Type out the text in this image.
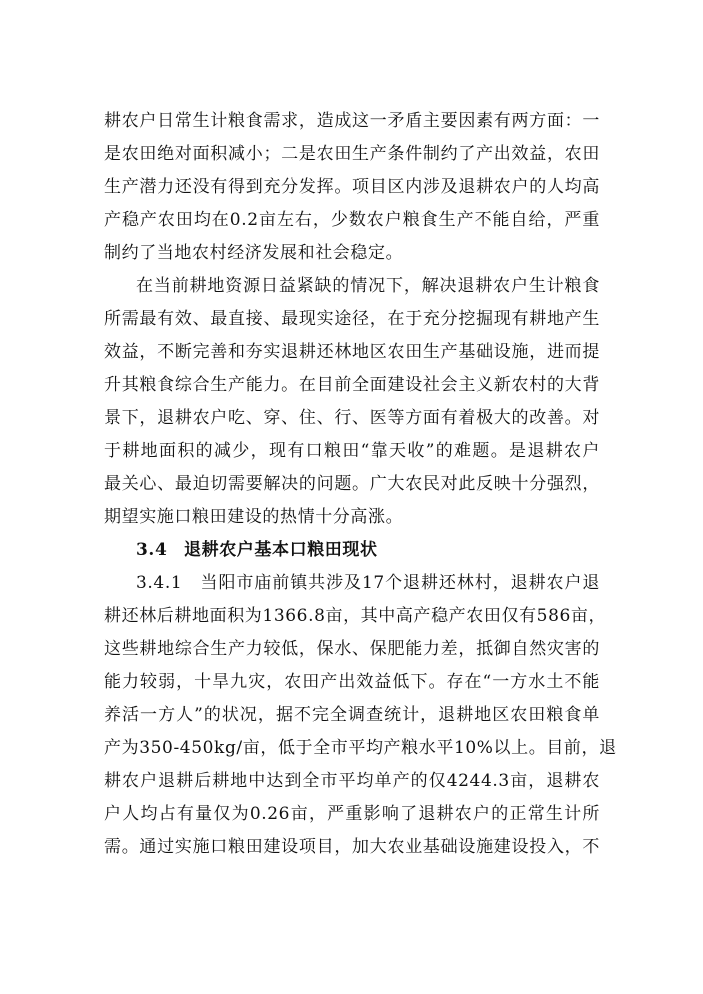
耕农户日常生计粮食需求，造成这一矛盾主要因素有两方面：一
是农田绝对面积减小；二是农田生产条件制约了产出效益，农田
生产潜力还没有得到充分发挥。项目区内涉及退耕农户的人均高
产稳产农田均在0.2亩左右，少数农户粮食生产不能自给，严重
制约了当地农村经济发展和社会稳定。
在当前耕地资源日益紧缺的情况下，解决退耕农户生计粮食
所需最有效、最直接、最现实途径，在于充分挖掘现有耕地产生
效益，不断完善和夯实退耕还林地区农田生产基础设施，进而提
升其粮食综合生产能力。在目前全面建设社会主义新农村的大背
景下，退耕农户吃、穿、住、行、医等方面有着极大的改善。对
于耕地面积的减少，现有口粮田“靠天收”的难题。是退耕农户
最关心、最迫切需要解决的问题。广大农民对此反映十分强烈，
期望实施口粮田建设的热情十分高涨。
3.4 退耕农户基本口粮田现状
3.4.1　当阳市庙前镇共涉及17个退耕还林村，退耕农户退
耕还林后耕地面积为1366.8亩，其中高产稳产农田仅有586亩，
这些耕地综合生产力较低，保水、保肥能力差，抵御自然灾害的
能力较弱，十旱九灾，农田产出效益低下。存在“一方水土不能
养活一方人”的状况，据不完全调查统计，退耕地区农田粮食单
产为350-450kg/亩，低于全市平均产粮水平10%以上。目前，退
耕农户退耕后耕地中达到全市平均单产的仅4244.3亩，退耕农
户人均占有量仅为0.26亩，严重影响了退耕农户的正常生计所
需。通过实施口粮田建设项目，加大农业基础设施建设投入，不
